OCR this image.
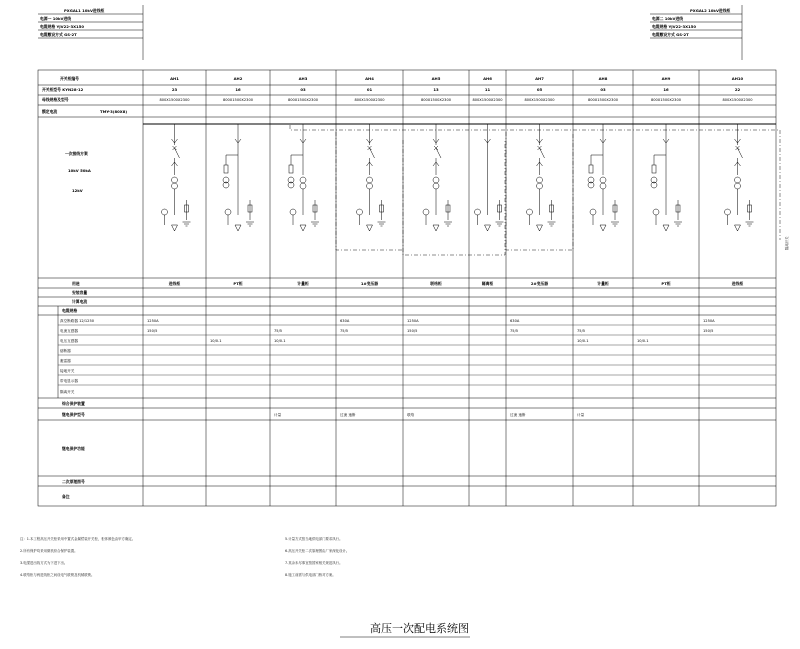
PXGAL1 10kV进线柜
电源一 10kV进线
电缆规格 YJV22-3X150
电缆敷设方式 GS-2T
PXGAL2 10kV进线柜
电源二 10kV进线
电缆规格 YJV22-3X150
电缆敷设方式 GS-2T
开关柜编号
开关柜型号 KYN28-12
母线规格及型号
额定电流	TMY-3(80X8)
一次接线方案
10kV 50kA
12kV
用途
安装容量
计算电流
电缆规格
真空断路器 12/1250
电流互感器
电压互感器
熔断器
避雷器
接地开关
带电显示器
隔离开关
综合保护装置
继电保护型号
继电保护功能
二次原理图号
备注
AH1
23
800X1500X2300
进线柜
1250A
150/5
AH2
16
800X1500X2300
PT柜
10/0.1
AH3
03
800X1500X2300
计量柜
75/5
10/0.1
计量
AH4
01
800X1500X2300
1#变压器
630A
75/5
过流 速断
AH5
13
800X1500X2300
联络柜
1250A
150/5
联络
AH6
11
800X1500X2300
隔离柜
AH7
05
800X1500X2300
2#变压器
630A
75/5
过流 速断
AH8
03
800X1500X2300
计量柜
75/5
10/0.1
计量
AH9
16
800X1500X2300
PT柜
10/0.1
AH10
22
800X1500X2300
进线柜
1250A
150/5
隔离开关
注：1.本工程高压开关柜采用中置式金属铠装开关柜，柜体颜色由甲方确定。
2.所有保护均采用微机综合保护装置。
3.电缆进出线方式为下进下出。
4.联络柜与两进线柜之间设电气联锁及机械联锁。
5.计量方式按当地供电部门要求执行。
6.高压开关柜二次原理图由厂家深化设计。
7.其余未尽事宜按国家相关规范执行。
8.施工前需与供电部门核对方案。
高压一次配电系统图
